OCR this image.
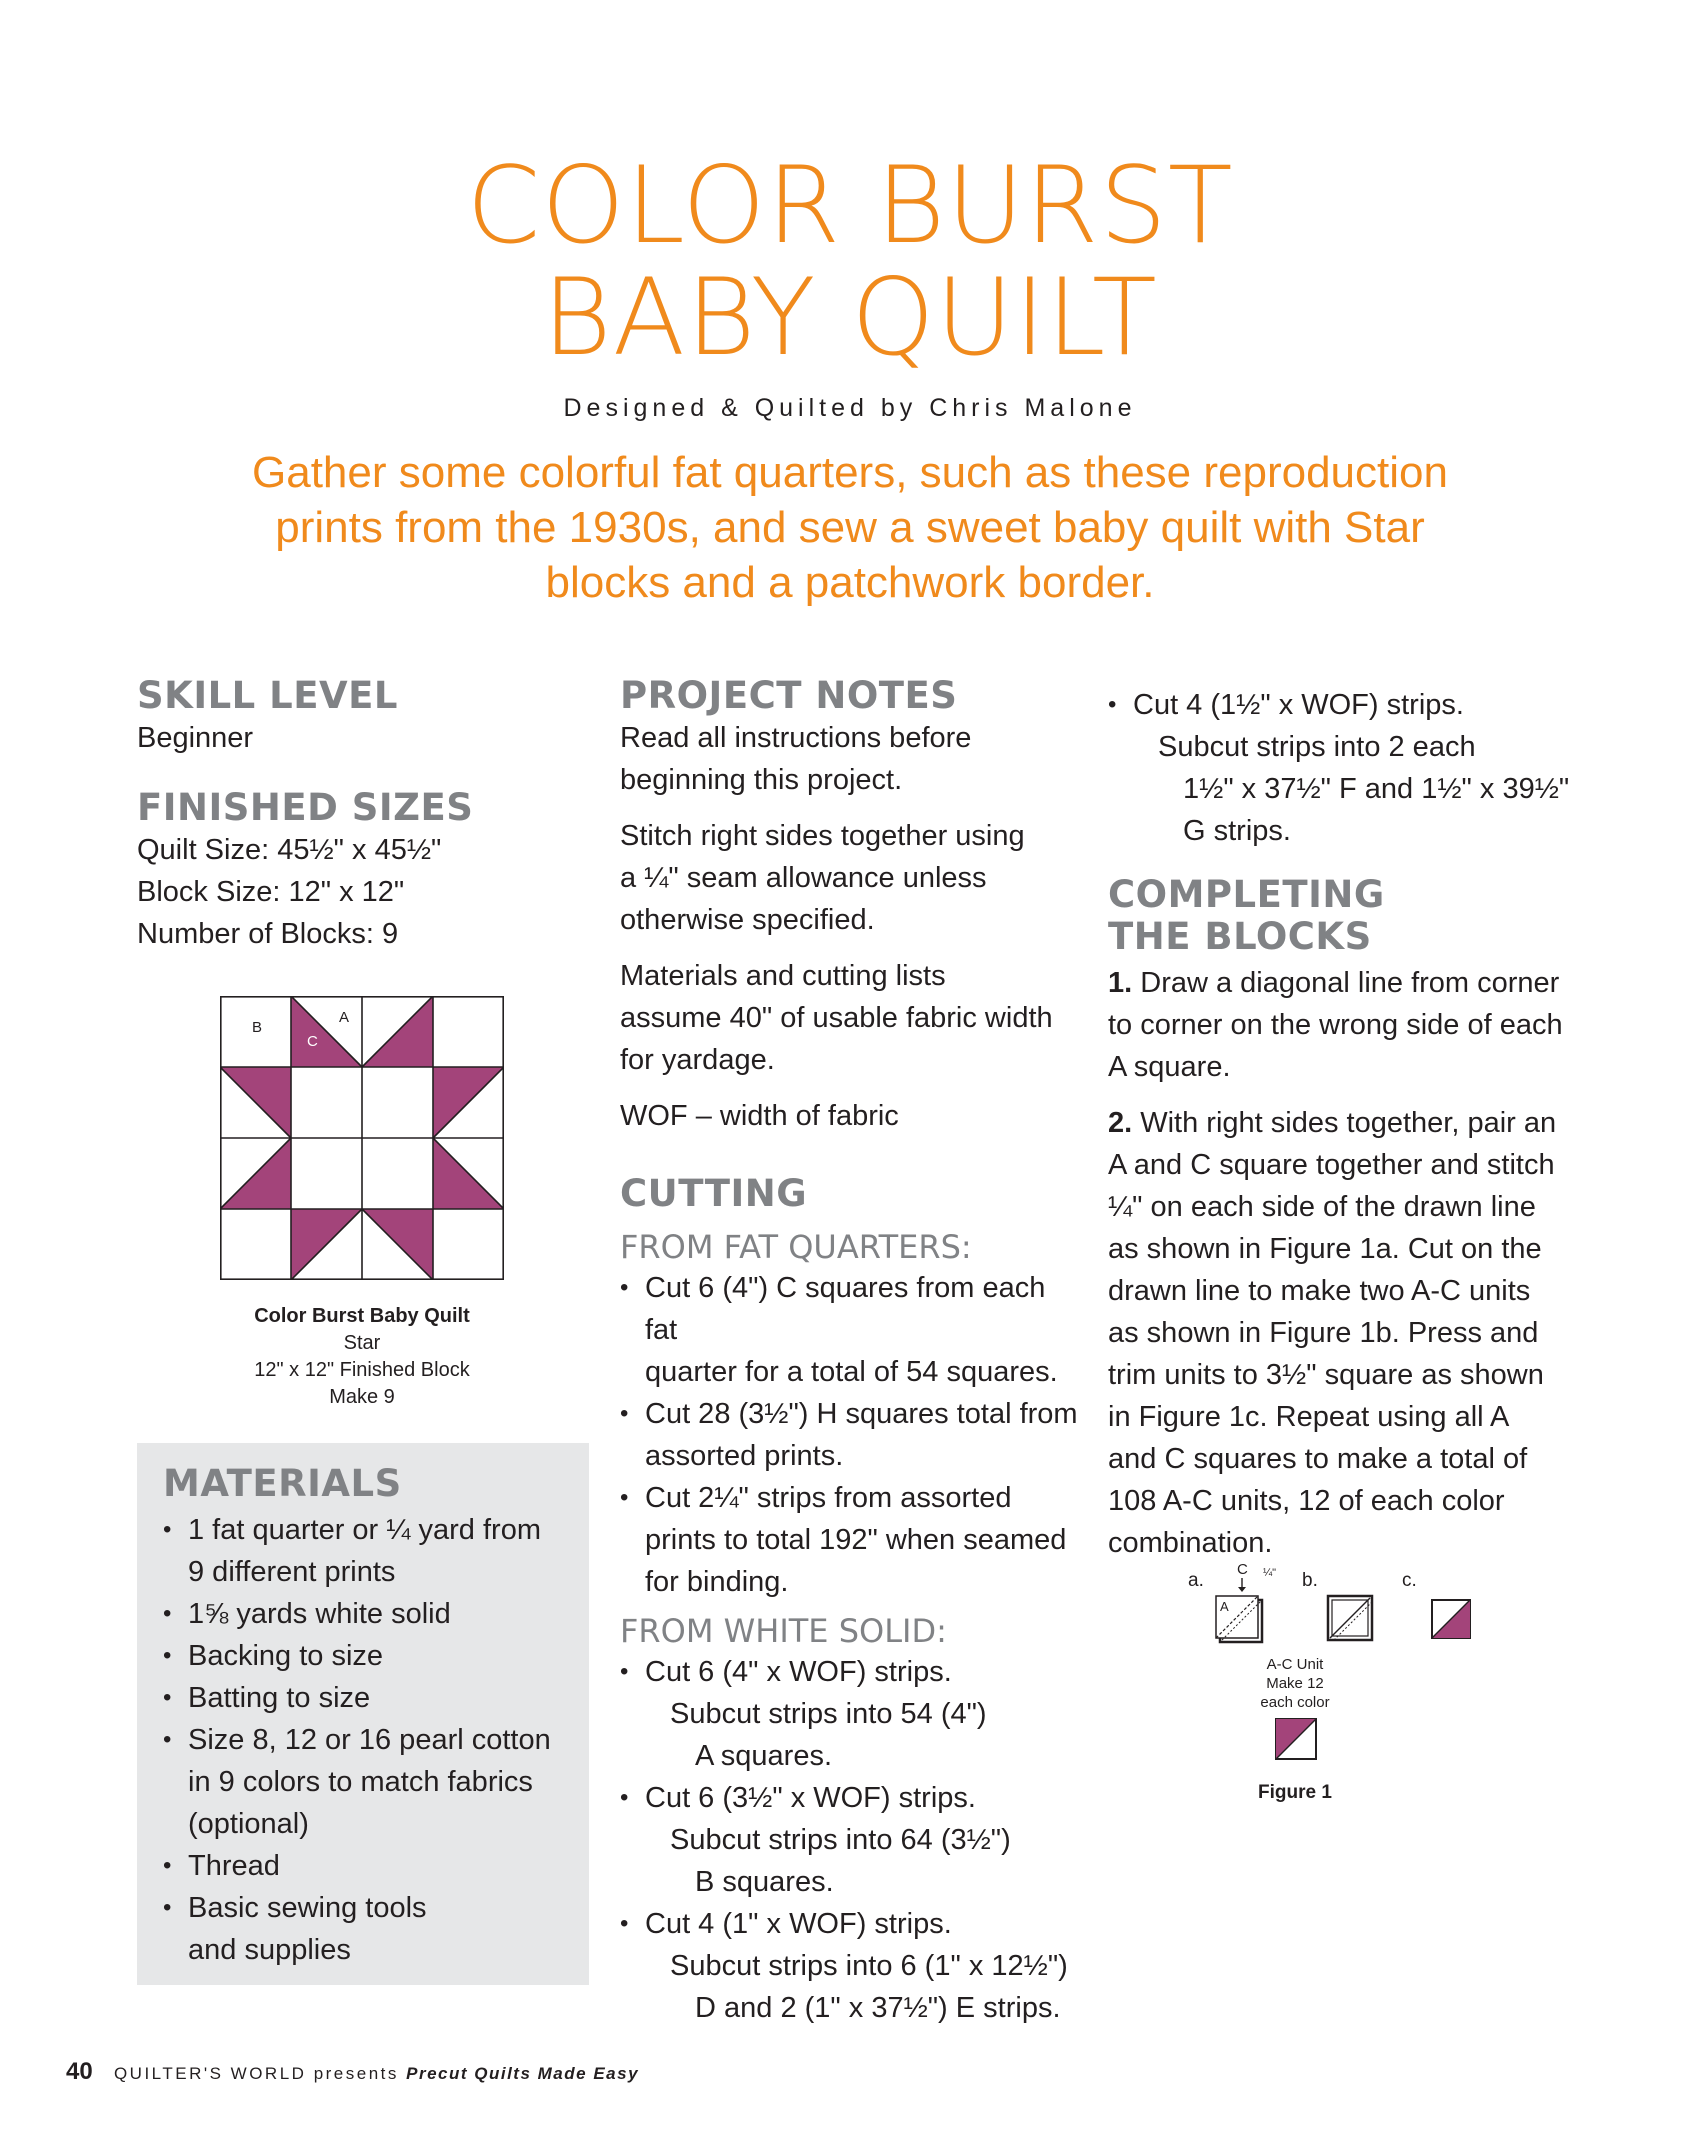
COLOR BURST
BABY QUILT
Designed & Quilted by Chris Malone

Gather some colorful fat quarters, such as these reproduction prints from the 1930s, and sew a sweet baby quilt with Star blocks and a patchwork border.

SKILL LEVEL
Beginner
FINISHED SIZES
Quilt Size: 45½" x 45½"
Block Size: 12" x 12"
Number of Blocks: 9
B
A
C
Color Burst Baby Quilt
Star
12" x 12" Finished Block
Make 9
MATERIALS
• 1 fat quarter or ¼ yard from
9 different prints
• 1⅝ yards white solid
• Backing to size
• Batting to size
• Size 8, 12 or 16 pearl cotton
in 9 colors to match fabrics
(optional)
• Thread
• Basic sewing tools
and supplies
PROJECT NOTES
Read all instructions before
beginning this project.
Stitch right sides together using
a ¼" seam allowance unless
otherwise specified.
Materials and cutting lists
assume 40" of usable fabric width
for yardage.
WOF – width of fabric
CUTTING
FROM FAT QUARTERS:
• Cut 6 (4") C squares from each fat
quarter for a total of 54 squares.
• Cut 28 (3½") H squares total from
assorted prints.
• Cut 2¼" strips from assorted
prints to total 192" when seamed
for binding.
FROM WHITE SOLID:
• Cut 6 (4" x WOF) strips.
Subcut strips into 54 (4")
A squares.
• Cut 6 (3½" x WOF) strips.
Subcut strips into 64 (3½")
B squares.
• Cut 4 (1" x WOF) strips.
Subcut strips into 6 (1" x 12½")
D and 2 (1" x 37½") E strips.
• Cut 4 (1½" x WOF) strips.
Subcut strips into 2 each
1½" x 37½" F and 1½" x 39½"
G strips.
COMPLETING
THE BLOCKS
1. Draw a diagonal line from corner
to corner on the wrong side of each
A square.
2. With right sides together, pair an
A and C square together and stitch
¼" on each side of the drawn line
as shown in Figure 1a. Cut on the
drawn line to make two A-C units
as shown in Figure 1b. Press and
trim units to 3½" square as shown
in Figure 1c. Repeat using all A
and C squares to make a total of
108 A-C units, 12 of each color
combination.
a.	b.	c.
C ¼"
A
A-C Unit
Make 12
each color
Figure 1
40 QUILTER'S WORLD presents Precut Quilts Made Easy
